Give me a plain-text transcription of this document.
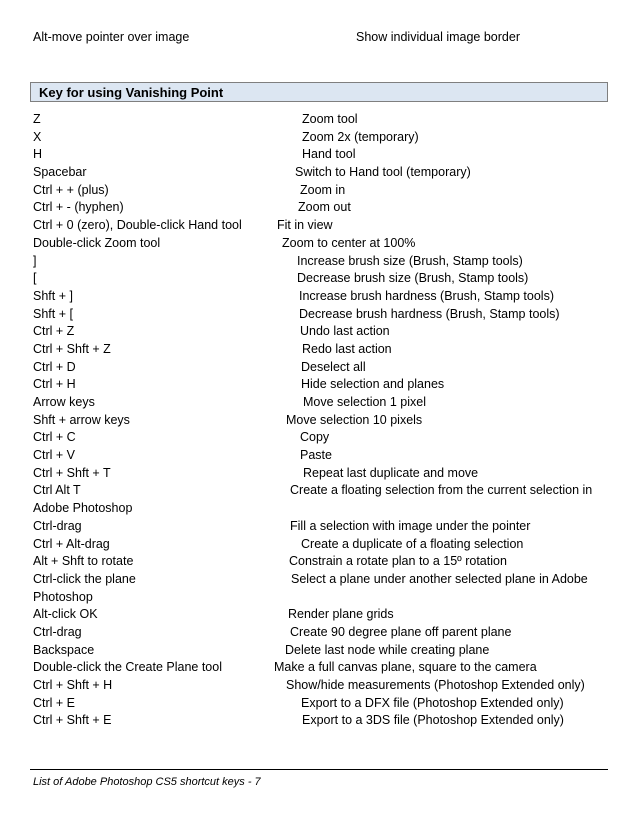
Alt-move pointer over image	Show individual image border
Key for using Vanishing Point
Z	Zoom tool
X	Zoom 2x (temporary)
H	Hand tool
Spacebar	Switch to Hand tool (temporary)
Ctrl + + (plus)	Zoom in
Ctrl + - (hyphen)	Zoom out
Ctrl + 0 (zero), Double-click Hand tool	Fit in view
Double-click Zoom tool	Zoom to center at 100%
]	Increase brush size (Brush, Stamp tools)
[	Decrease brush size (Brush, Stamp tools)
Shft + ]	Increase brush hardness (Brush, Stamp tools)
Shft + [	Decrease brush hardness (Brush, Stamp tools)
Ctrl + Z	Undo last action
Ctrl + Shft + Z	Redo last action
Ctrl + D	Deselect all
Ctrl + H	Hide selection and planes
Arrow keys	Move selection 1 pixel
Shft + arrow keys	Move selection 10 pixels
Ctrl + C	Copy
Ctrl + V	Paste
Ctrl + Shft + T	Repeat last duplicate and move
Ctrl Alt T	Create a floating selection from the current selection in
Adobe Photoshop
Ctrl-drag	Fill a selection with image under the pointer
Ctrl + Alt-drag	Create a duplicate of a floating selection
Alt + Shft to rotate	Constrain a rotate plan to a 15º rotation
Ctrl-click the plane	Select a plane under another selected plane in Adobe
Photoshop
Alt-click OK	Render plane grids
Ctrl-drag	Create 90 degree plane off parent plane
Backspace	Delete last node while creating plane
Double-click the Create Plane tool	Make a full canvas plane, square to the camera
Ctrl + Shft + H	Show/hide measurements (Photoshop Extended only)
Ctrl + E	Export to a DFX file (Photoshop Extended only)
Ctrl + Shft + E	Export to a 3DS file (Photoshop Extended only)
List of Adobe Photoshop CS5 shortcut keys - 7
